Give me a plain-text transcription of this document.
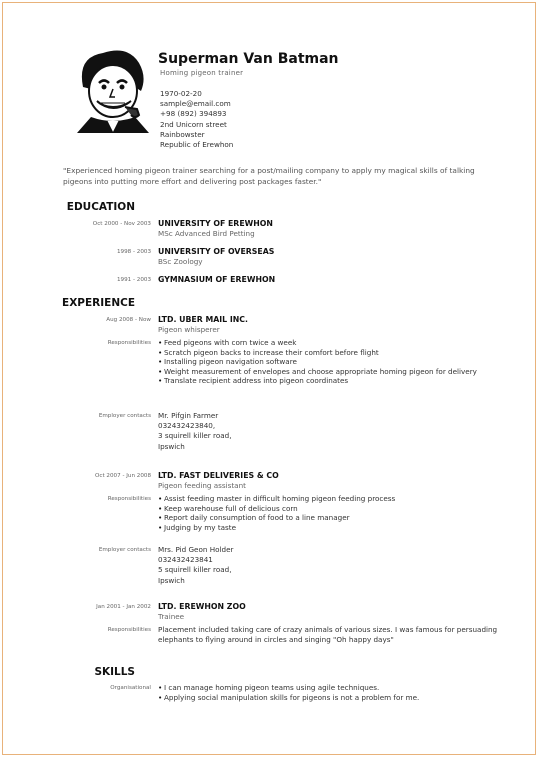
Superman Van Batman
Homing pigeon trainer
1970-02-20
sample@email.com
+98 (892) 394893
2nd Unicorn street
Rainbowster
Republic of Erewhon
"Experienced homing pigeon trainer searching for a post/mailing company to apply my magical skills of talking pigeons into putting more effort and delivering post packages faster."
EDUCATION
Oct 2000 - Nov 2003 UNIVERSITY OF EREWHON
MSc Advanced Bird Petting
1998 - 2003 UNIVERSITY OF OVERSEAS
BSc Zoology
1991 - 2003 GYMNASIUM OF EREWHON
EXPERIENCE
Aug 2008 - Now LTD. UBER MAIL INC.
Pigeon whisperer
Responsibilities	• Feed pigeons with corn twice a week
• Scratch pigeon backs to increase their comfort before flight
• Installing pigeon navigation software
• Weight measurement of envelopes and choose appropriate homing pigeon for delivery
• Translate recipient address into pigeon coordinates
Employer contacts Mr. Pifgin Farmer
032432423840,
3 squirell killer road,
Ipswich
Oct 2007 - Jun 2008 LTD. FAST DELIVERIES & CO
Pigeon feeding assistant
Responsibilities	• Assist feeding master in difficult homing pigeon feeding process
• Keep warehouse full of delicious corn
• Report daily consumption of food to a line manager
• Judging by my taste
Employer contacts Mrs. Pid Geon Holder
032432423841
5 squirell killer road,
Ipswich
Jan 2001 - Jan 2002 LTD. EREWHON ZOO
Trainee
Responsibilities Placement included taking care of crazy animals of various sizes. I was famous for persuading elephants to flying around in circles and singing "Oh happy days"
SKILLS
Organisational	• I can manage homing pigeon teams using agile techniques.
• Applying social manipulation skills for pigeons is not a problem for me.
